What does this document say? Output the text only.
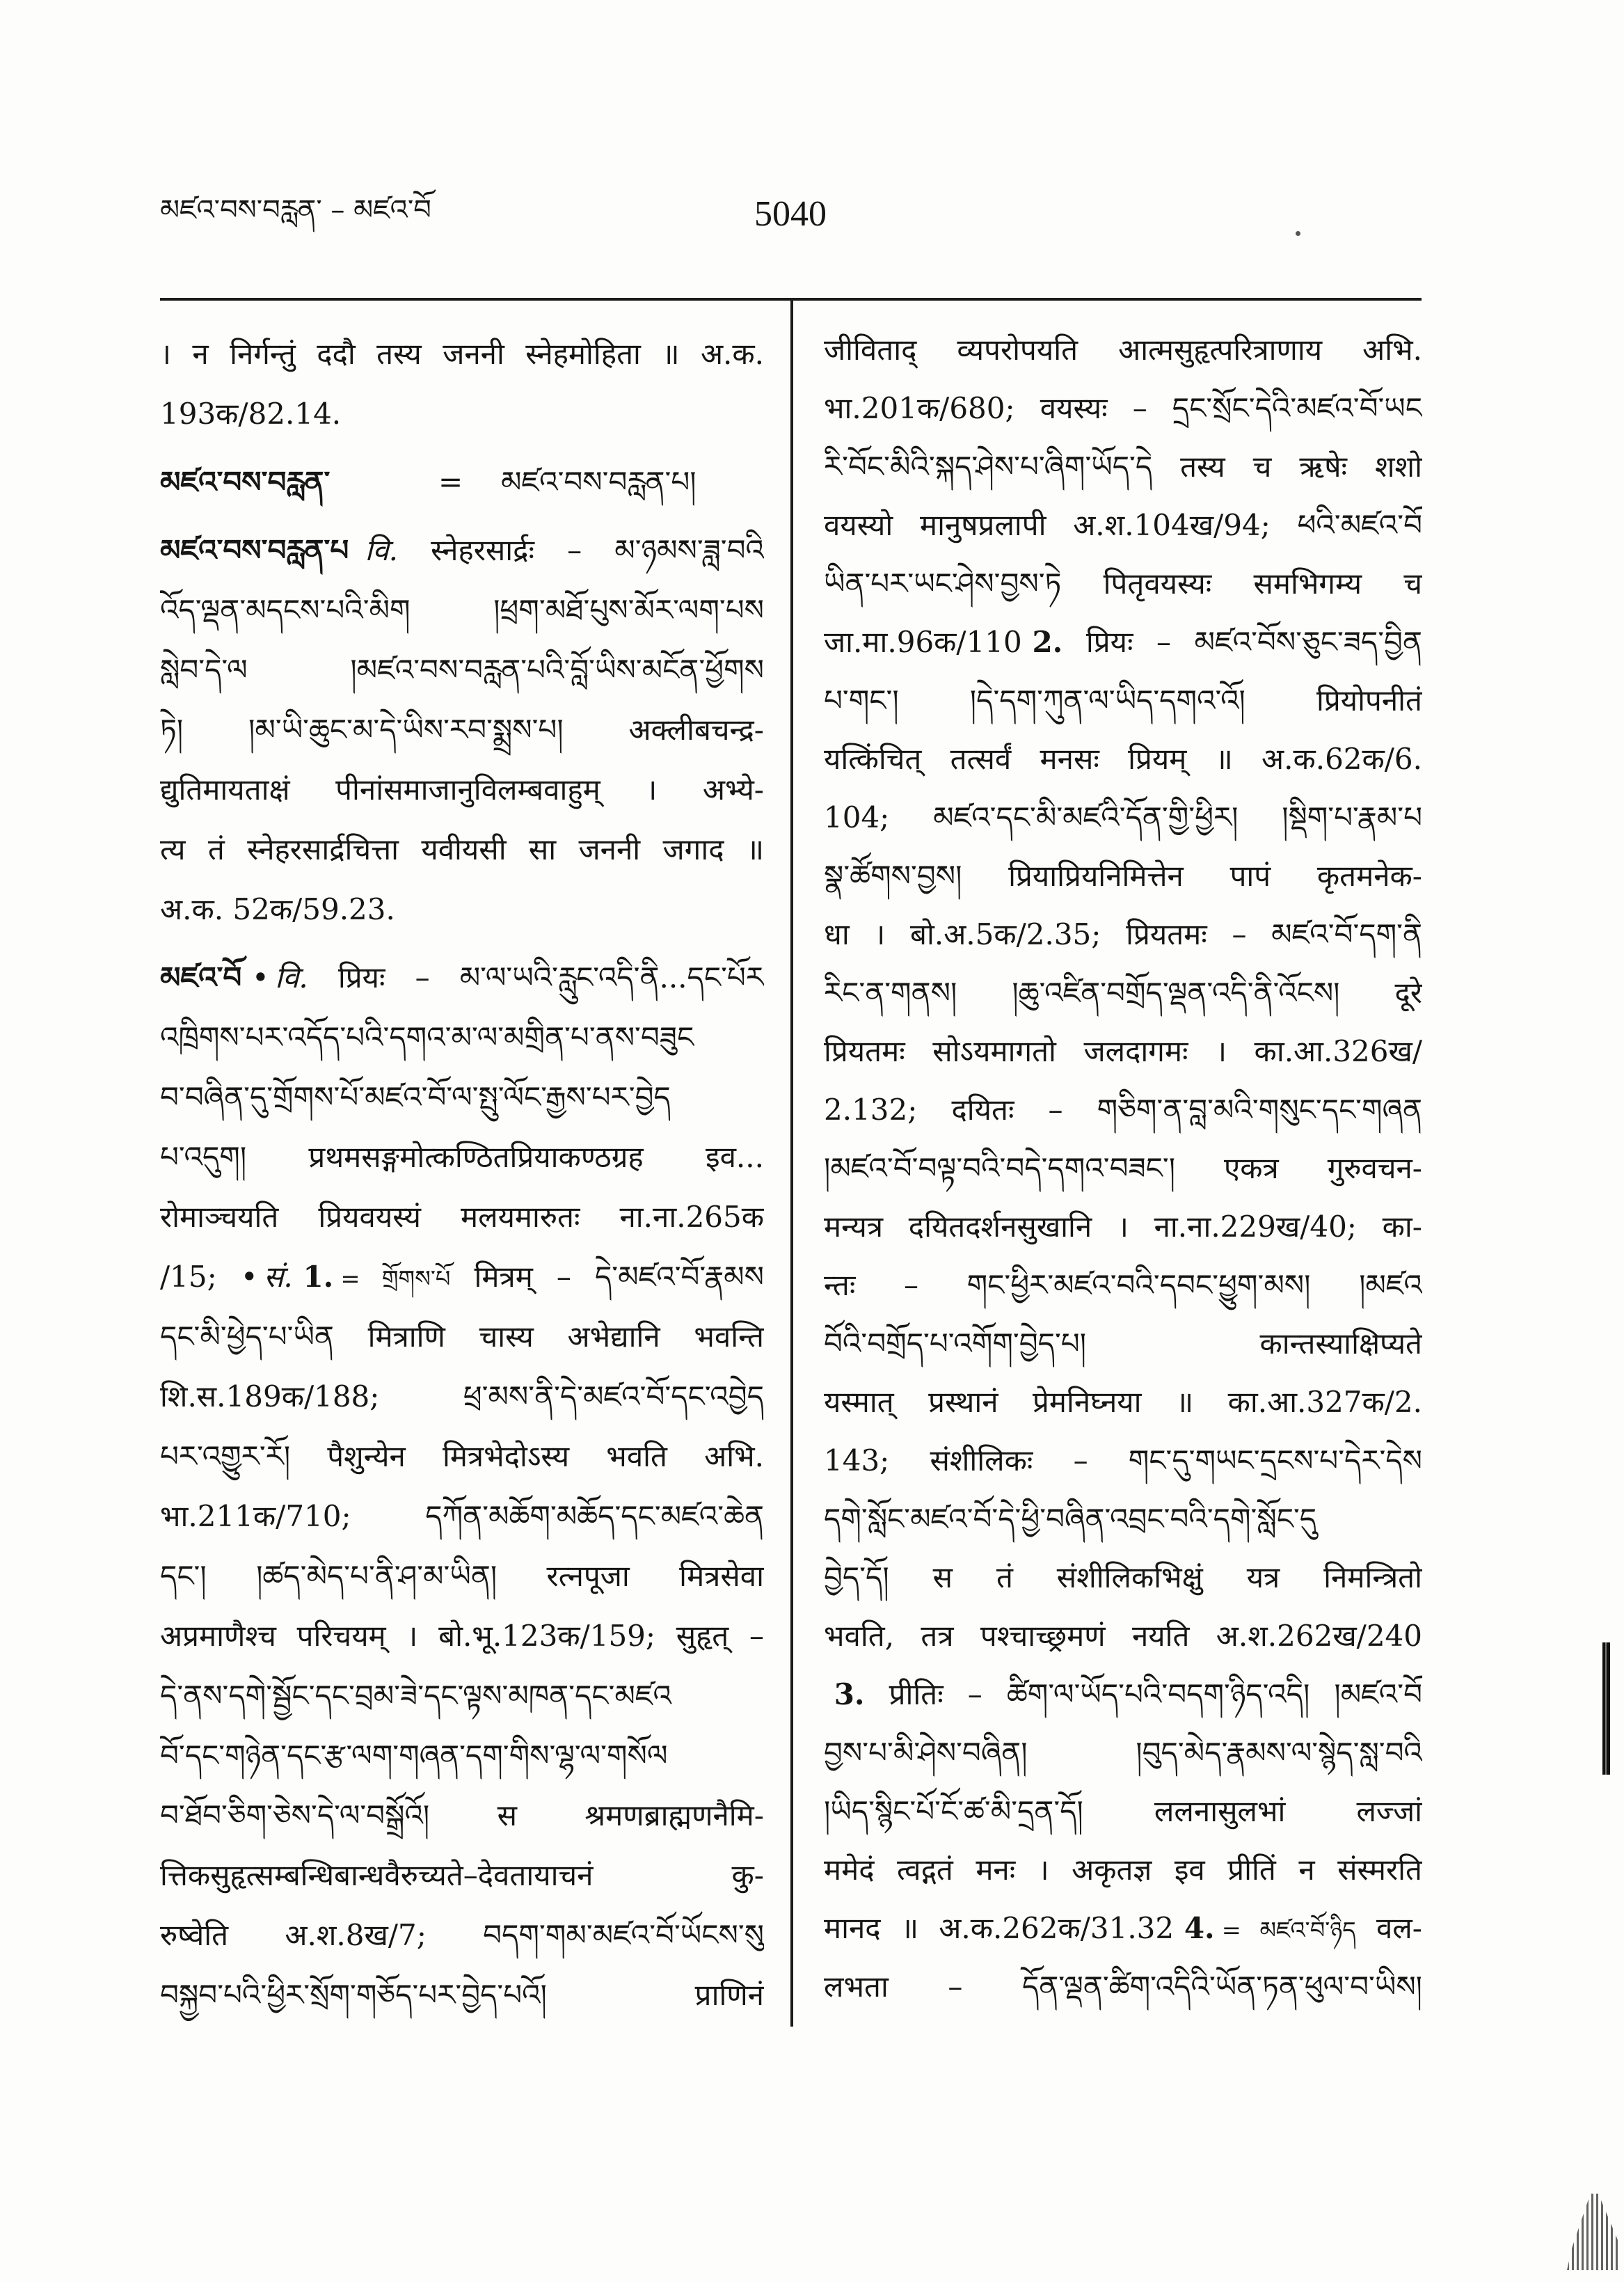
མཛའ་བས་བརླན་ – མཛའ་བོ	5040
। न निर्गन्तुं ददौ तस्य जननी स्नेहमोहिता ॥ अ.क.
193क/82.14.
མཛའ་བས་བརླན་	=	མཛའ་བས་བརླན་པ།
མཛའ་བས་བརླན་པ वि. स्नेहरसार्द्रः – མ་ཉམས་ཟླ་བའི
འོད་ལྡན་མདངས་པའི་མིག །ཕྲག་མཐོ་པུས་མོར་ལག་པས
སླེབ་དེ་ལ །མཛའ་བས་བརླན་པའི་བློ་ཡིས་མངོན་ཕྱོགས
ཏེ། །མ་ཡི་ཆུང་མ་དེ་ཡིས་རབ་སྨྲས་པ། अक्लीबचन्द्र-
द्युतिमायताक्षं पीनांसमाजानुविलम्बवाहुम् । अभ्ये-
त्य तं स्नेहरसार्द्रचित्ता यवीयसी सा जननी जगाद ॥
अ.क. 52क/59.23.
མཛའ་བོ • वि. प्रियः – མ་ལ་ཡའི་རླུང་འདི་ནི...དང་པོར
འཁྲིགས་པར་འདོད་པའི་དགའ་མ་ལ་མགྲིན་པ་ནས་བཟུང
བ་བཞིན་དུ་གྲོགས་པོ་མཛའ་བོ་ལ་སྤུ་ལོང་རྒྱས་པར་བྱེད
པ་འདུག། प्रथमसङ्गमोत्कण्ठितप्रियाकण्ठग्रह इव...
रोमाञ्चयति प्रियवयस्यं मलयमारुतः ना.ना.265क
/15; • सं. 1. = གྲོགས་པོ मित्रम् – དེ་མཛའ་བོ་རྣམས
དང་མི་ཕྱེད་པ་ཡིན मित्राणि चास्य अभेद्यानि भवन्ति
शि.स.189क/188; ཕྲ་མས་ནི་དེ་མཛའ་བོ་དང་འབྱེད
པར་འགྱུར་རོ། पैशुन्येन मित्रभेदोऽस्य भवति अभि.
भा.211क/710; དཀོན་མཆོག་མཆོད་དང་མཛའ་ཆེན
དང་། །ཚད་མེད་པ་ནི་ཤ་མ་ཡིན། रत्नपूजा मित्रसेवा
अप्रमाणैश्च परिचयम् । बो.भू.123क/159; सुहृत् –
དེ་ནས་དགེ་སྦྱོང་དང་བྲམ་ཟེ་དང་ལྟས་མཁན་དང་མཛའ
བོ་དང་གཉེན་དང་རྩ་ལག་གཞན་དག་གིས་ལྷ་ལ་གསོལ
བ་ཐོབ་ཅིག་ཅེས་དེ་ལ་བསྒྲོའོ། स श्रमणब्राह्मणनैमि-
त्तिकसुहृत्सम्बन्धिबान्धवैरुच्यते–देवतायाचनं कु-
रुष्वेति अ.श.8ख/7; བདག་གམ་མཛའ་བོ་ཡོངས་སུ
བསྐྱབ་པའི་ཕྱིར་སྲོག་གཅོད་པར་བྱེད་པའོ། प्राणिनं
जीविताद् व्यपरोपयति आत्मसुहृत्परित्राणाय अभि.
भा.201क/680; वयस्यः – དྲང་སྲོང་དེའི་མཛའ་བོ་ཡང
རི་བོང་མིའི་སྐད་ཤེས་པ་ཞིག་ཡོད་དེ तस्य च ऋषेः शशो
वयस्यो मानुषप्रलापी अ.श.104ख/94; ཕའི་མཛའ་བོ
ཡིན་པར་ཡང་ཤེས་བྱས་ཏེ पितृवयस्यः समभिगम्य च
जा.मा.96क/110 2. प्रियः – མཛའ་བོས་ཅུང་ཟད་བྱིན
པ་གང་། །དེ་དག་ཀུན་ལ་ཡིད་དགའ་འོ། प्रियोपनीतं
यत्किंचित् तत्सर्वं मनसः प्रियम् ॥ अ.क.62क/6.
104; མཛའ་དང་མི་མཛའི་དོན་གྱི་ཕྱིར། །སྡིག་པ་རྣམ་པ
སྣ་ཚོགས་བྱས། प्रियाप्रियनिमित्तेन पापं कृतमनेक-
धा । बो.अ.5क/2.35; प्रियतमः – མཛའ་བོ་དག་ནི
རིང་ན་གནས། །ཆུ་འཛིན་བགྲོད་ལྡན་འདི་ནི་འོངས། दूरे
प्रियतमः सोऽयमागतो जलदागमः । का.आ.326ख/
2.132; दयितः – གཅིག་ན་བླ་མའི་གསུང་དང་གཞན
།མཛའ་བོ་བལྟ་བའི་བདེ་དགའ་བཟང་། एकत्र गुरुवचन-
मन्यत्र दयितदर्शनसुखानि । ना.ना.229ख/40; का-
न्तः – གང་ཕྱིར་མཛའ་བའི་དབང་ཕྱུག་མས། །མཛའ
བོའི་བགྲོད་པ་འགོག་བྱེད་པ། कान्तस्याक्षिप्यते
यस्मात् प्रस्थानं प्रेमनिघ्नया ॥ का.आ.327क/2.
143; संशीलिकः – གང་དུ་གཡང་དྲངས་པ་དེར་དེས
དགེ་སློང་མཛའ་བོ་དེ་ཕྱི་བཞིན་འབྲང་བའི་དགེ་སློང་དུ
བྱེད་དོ། स तं संशीलिकभिक्षुं यत्र निमन्त्रितो
भवति, तत्र पश्चाच्छ्रमणं नयति अ.श.262ख/240
3. प्रीतिः – ཚིག་ལ་ཡོད་པའི་བདག་ཉིད་འདི། །མཛའ་བོ
བྱས་པ་མི་ཤེས་བཞིན། །བུད་མེད་རྣམས་ལ་སྙེད་སླ་བའི
།ཡིད་སྙིང་པོ་ངོ་ཚ་མི་དྲན་དོ། ललनासुलभां लज्जां
ममेदं त्वद्गतं मनः । अकृतज्ञ इव प्रीतिं न संस्मरति
मानद ॥ अ.क.262क/31.32 4. = མཛའ་བོ་ཉིད वल-
लभता – དོན་ལྡན་ཚིག་འདིའི་ཡོན་ཏན་ཕུལ་བ་ཡིས།
